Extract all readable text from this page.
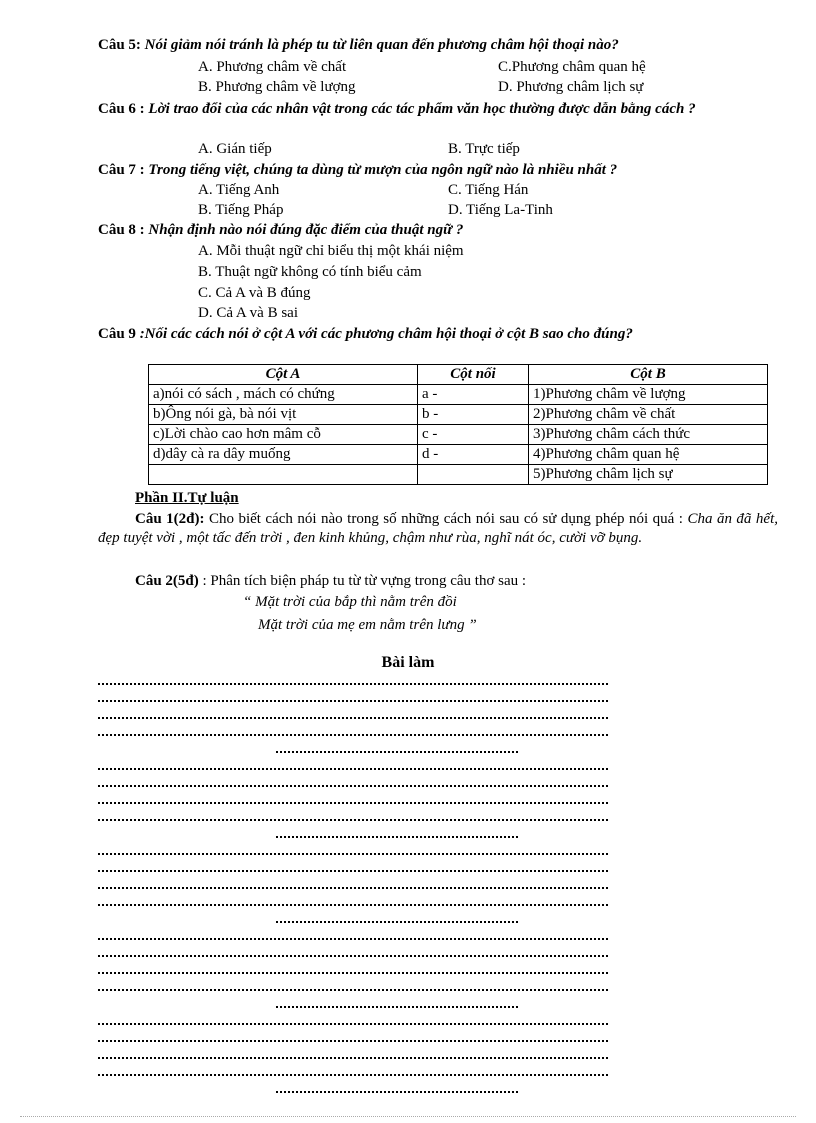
Câu 5: Nói giảm nói tránh là phép tu từ liên quan đến phương châm hội thoại nào?
A. Phương châm về chất	C.Phương châm quan hệ
B. Phương châm về lượng	D. Phương châm lịch sự
Câu 6 : Lời trao đổi của các nhân vật trong các tác phẩm văn học thường được dẫn bằng cách ?
A. Gián tiếp	B. Trực tiếp
Câu 7 : Trong tiếng việt, chúng ta dùng từ mượn của ngôn ngữ nào là nhiều nhất ?
A. Tiếng Anh	C. Tiếng Hán
B. Tiếng Pháp	D. Tiếng La-Tinh
Câu 8 : Nhận định nào nói đúng đặc điểm của thuật ngữ ?
A. Mỗi thuật ngữ chỉ biểu thị một khái niệm
B. Thuật ngữ không có tính biểu cảm
C. Cả A và B đúng
D. Cả A và B sai
Câu 9 :Nối các cách nói ở cột A với các phương châm hội thoại ở cột B sao cho đúng?
Cột A	Cột nối	Cột B
a)nói có sách , mách có chứng	a -	1)Phương châm về lượng
b)Ông nói gà, bà nói vịt	b -	2)Phương châm về chất
c)Lời chào cao hơn mâm cỗ	c -	3)Phương châm cách thức
d)dây cà ra dây muống	d -	4)Phương châm quan hệ
		5)Phương châm lịch sự
Phần II.Tự luận
Câu 1(2đ): Cho biết cách nói nào trong số những cách nói sau có sử dụng phép nói quá : Cha ăn đã hết, đẹp tuyệt vời , một tấc đến trời , đen kinh khủng, chậm như rùa, nghĩ nát óc, cười vỡ bụng.
Câu 2(5đ) : Phân tích biện pháp tu từ từ vựng trong câu thơ sau :
“ Mặt trời của bắp thì nằm trên đồi
Mặt trời của mẹ em nằm trên lưng ”
Bài làm
